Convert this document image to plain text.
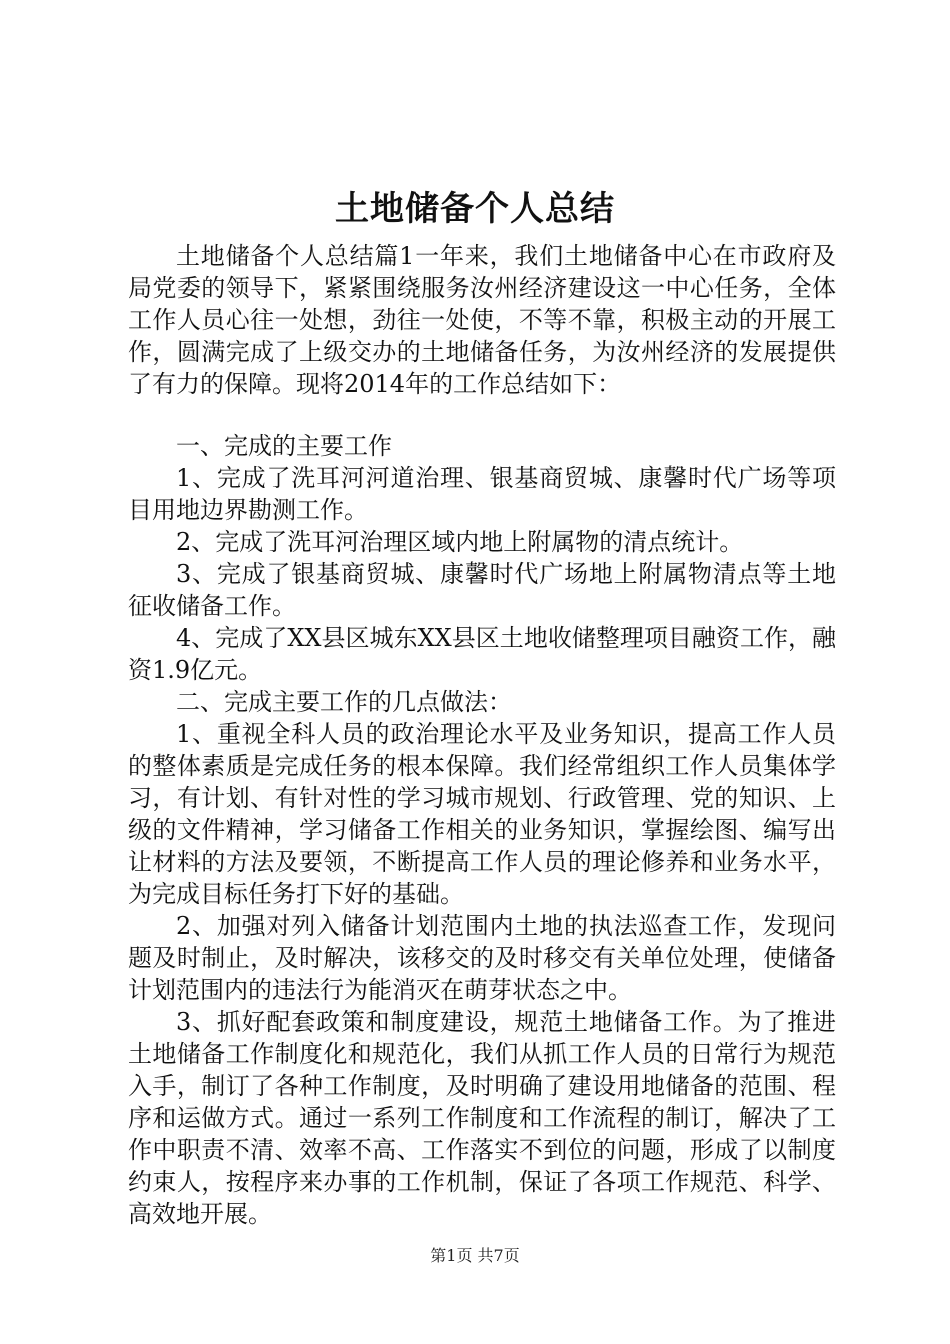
土地储备个人总结

土地储备个人总结篇1一年来，我们土地储备中心在市政府及局党委的领导下，紧紧围绕服务汝州经济建设这一中心任务，全体工作人员心往一处想，劲往一处使，不等不靠，积极主动的开展工作，圆满完成了上级交办的土地储备任务，为汝州经济的发展提供了有力的保障。现将2014年的工作总结如下：

一、完成的主要工作

1、完成了洗耳河河道治理、银基商贸城、康馨时代广场等项目用地边界勘测工作。

2、完成了洗耳河治理区域内地上附属物的清点统计。

3、完成了银基商贸城、康馨时代广场地上附属物清点等土地征收储备工作。

4、完成了XX县区城东XX县区土地收储整理项目融资工作，融资1.9亿元。

二、完成主要工作的几点做法：

1、重视全科人员的政治理论水平及业务知识，提高工作人员的整体素质是完成任务的根本保障。我们经常组织工作人员集体学习，有计划、有针对性的学习城市规划、行政管理、党的知识、上级的文件精神，学习储备工作相关的业务知识，掌握绘图、编写出让材料的方法及要领，不断提高工作人员的理论修养和业务水平，为完成目标任务打下好的基础。

2、加强对列入储备计划范围内土地的执法巡查工作，发现问题及时制止，及时解决，该移交的及时移交有关单位处理，使储备计划范围内的违法行为能消灭在萌芽状态之中。

3、抓好配套政策和制度建设，规范土地储备工作。为了推进土地储备工作制度化和规范化，我们从抓工作人员的日常行为规范入手，制订了各种工作制度，及时明确了建设用地储备的范围、程序和运做方式。通过一系列工作制度和工作流程的制订，解决了工作中职责不清、效率不高、工作落实不到位的问题，形成了以制度约束人，按程序来办事的工作机制，保证了各项工作规范、科学、高效地开展。

第1页 共7页
